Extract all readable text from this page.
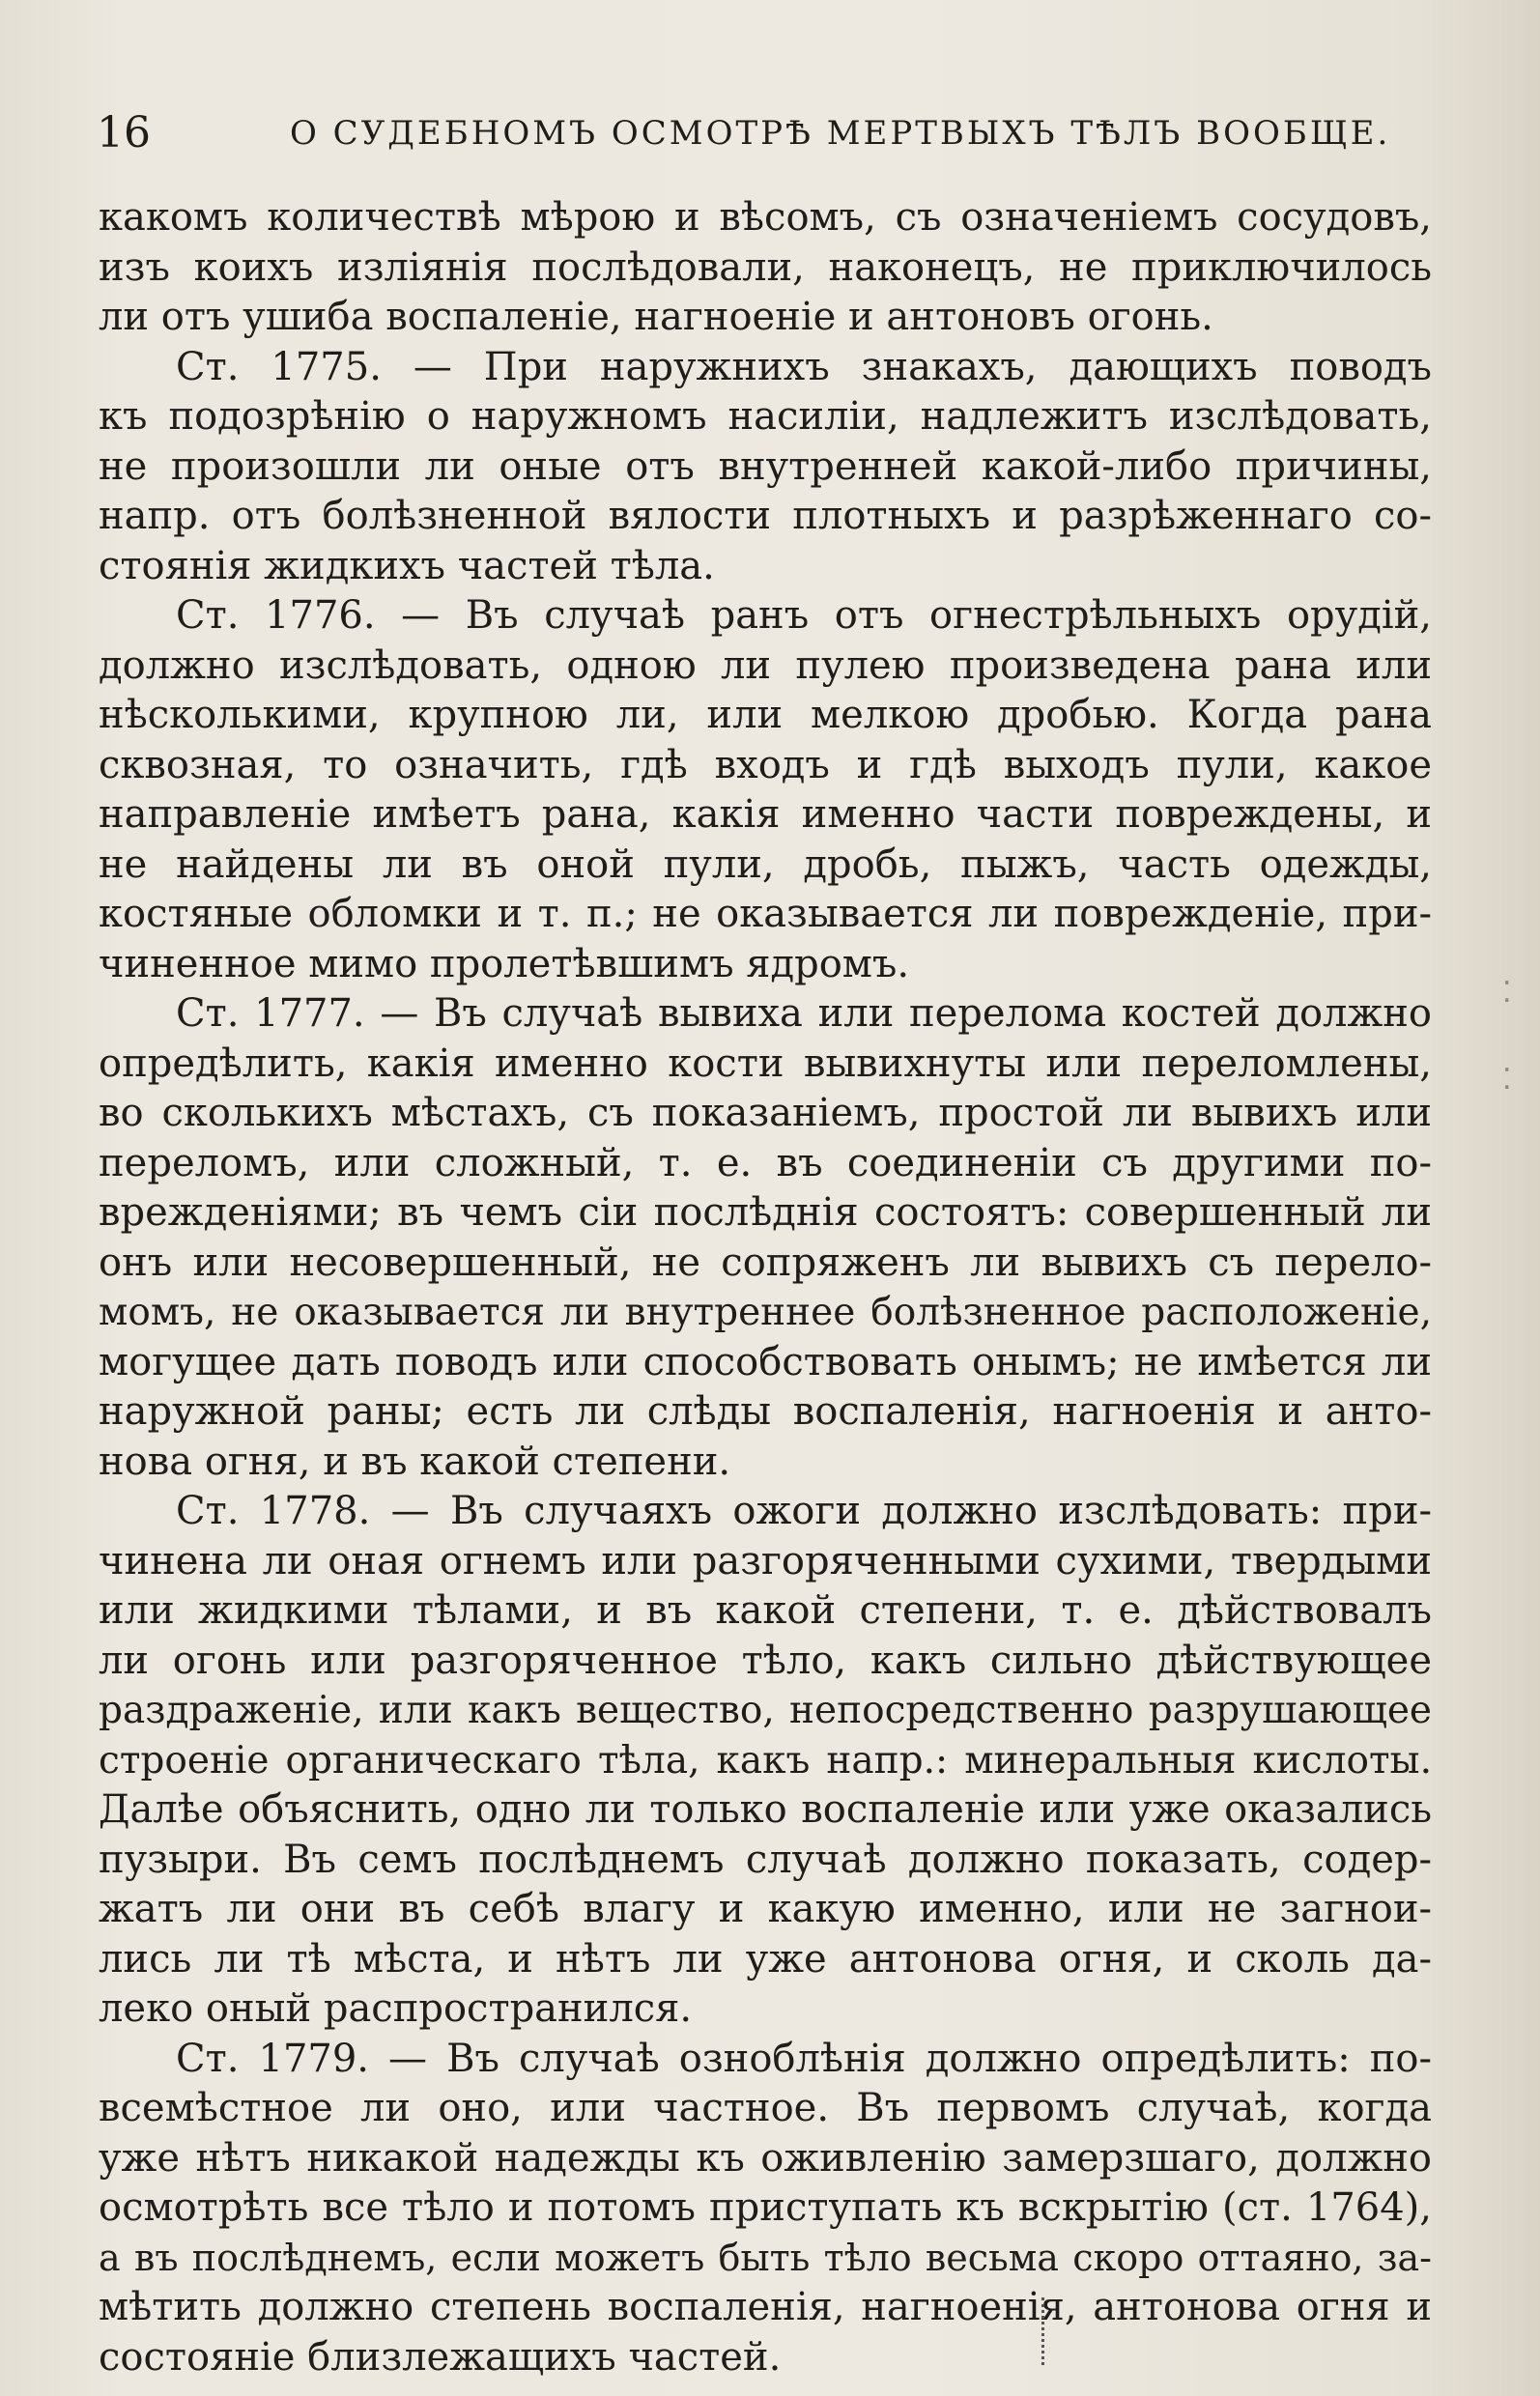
16	О СУДЕБНОМЪ ОСМОТРѢ МЕРТВЫХЪ ТѢЛЪ ВООБЩЕ.
какомъ количествѣ мѣрою и вѣсомъ, съ означеніемъ сосудовъ,
изъ коихъ изліянія послѣдовали, наконецъ, не приключилось
ли отъ ушиба воспаленіе, нагноеніе и антоновъ огонь.
Ст. 1775. — При наружнихъ знакахъ, дающихъ поводъ
къ подозрѣнію о наружномъ насиліи, надлежитъ изслѣдовать,
не произошли ли оные отъ внутренней какой-либо причины,
напр. отъ болѣзненной вялости плотныхъ и разрѣженнаго со-
стоянія жидкихъ частей тѣла.
Ст. 1776. — Въ случаѣ ранъ отъ огнестрѣльныхъ орудій,
должно изслѣдовать, одною ли пулею произведена рана или
нѣсколькими, крупною ли, или мелкою дробью. Когда рана
сквозная, то означить, гдѣ входъ и гдѣ выходъ пули, какое
направленіе имѣетъ рана, какія именно части повреждены, и
не найдены ли въ оной пули, дробь, пыжъ, часть одежды,
костяные обломки и т. п.; не оказывается ли поврежденіе, при-
чиненное мимо пролетѣвшимъ ядромъ.
Ст. 1777. — Въ случаѣ вывиха или перелома костей должно
опредѣлить, какія именно кости вывихнуты или переломлены,
во сколькихъ мѣстахъ, съ показаніемъ, простой ли вывихъ или
переломъ, или сложный, т. е. въ соединеніи съ другими по-
врежденіями; въ чемъ сіи послѣднія состоятъ: совершенный ли
онъ или несовершенный, не сопряженъ ли вывихъ съ перело-
момъ, не оказывается ли внутреннее болѣзненное расположеніе,
могущее дать поводъ или способствовать онымъ; не имѣется ли
наружной раны; есть ли слѣды воспаленія, нагноенія и анто-
нова огня, и въ какой степени.
Ст. 1778. — Въ случаяхъ ожоги должно изслѣдовать: при-
чинена ли оная огнемъ или разгоряченными сухими, твердыми
или жидкими тѣлами, и въ какой степени, т. е. дѣйствовалъ
ли огонь или разгоряченное тѣло, какъ сильно дѣйствующее
раздраженіе, или какъ вещество, непосредственно разрушающее
строеніе органическаго тѣла, какъ напр.: минеральныя кислоты.
Далѣе объяснить, одно ли только воспаленіе или уже оказались
пузыри. Въ семъ послѣднемъ случаѣ должно показать, содер-
жатъ ли они въ себѣ влагу и какую именно, или не загнои-
лись ли тѣ мѣста, и нѣтъ ли уже антонова огня, и сколь да-
леко оный распространился.
Ст. 1779. — Въ случаѣ озноблѣнія должно опредѣлить: по-
всемѣстное ли оно, или частное. Въ первомъ случаѣ, когда
уже нѣтъ никакой надежды къ оживленію замерзшаго, должно
осмотрѣть все тѣло и потомъ приступать къ вскрытію (ст. 1764),
а въ послѣднемъ, если можетъ быть тѣло весьма скоро оттаяно, за-
мѣтить должно степень воспаленія, нагноенія, антонова огня и
состояніе близлежащихъ частей.
⁚
⁚
